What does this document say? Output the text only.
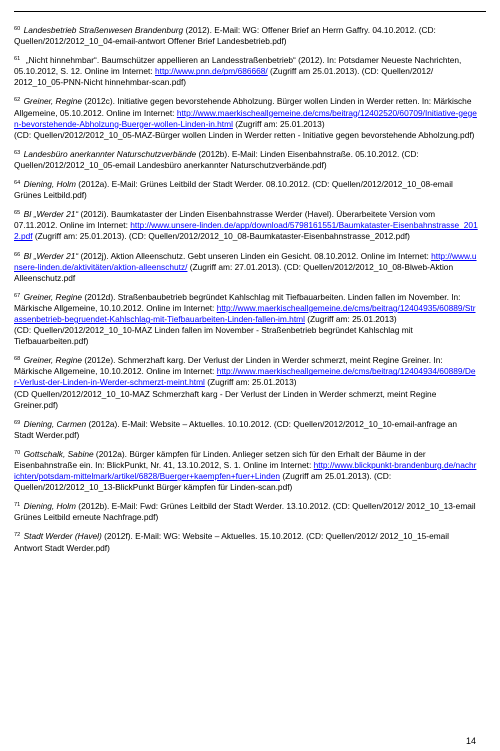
$^{60}$ Landesbetrieb Straßenwesen Brandenburg (2012). E-Mail: WG: Offener Brief an Herrn Gaffry. 04.10.2012. (CD: Quellen/2012/2012_10_04-email-antwort Offener Brief Landesbetrieb.pdf)

$^{61}$  „Nicht hinnehmbar“. Baumschützer appellieren an Landesstraßenbetrieb“ (2012). In: Potsdamer Neueste Nachrichten, 05.10.2012, S. 12. Online im Internet: http://www.pnn.de/pm/686668/ (Zugriff am 25.01.2013). (CD: Quellen/2012/ 2012_10_05-PNN-Nicht hinnehmbar-scan.pdf)

$^{62}$ Greiner, Regine (2012c). Initiative gegen bevorstehende Abholzung. Bürger wollen Linden in Werder retten. In: Märkische Allgemeine, 05.10.2012. Online im Internet: http://www.maerkischeallgemeine.de/cms/beitrag/12402520/60709/Initiative-gegen-bevorstehende-Abholzung-Buerger-wollen-Linden-in.html (Zugriff am: 25.01.2013)
(CD: Quellen/2012/2012_10_05-MAZ-Bürger wollen Linden in Werder retten - Initiative gegen bevorstehende Abholzung.pdf)

$^{63}$ Landesbüro anerkannter Naturschutzverbände (2012b). E-Mail: Linden Eisenbahnstraße. 05.10.2012. (CD: Quellen/2012/2012_10_05-email Landesbüro anerkannter Naturschutzverbände.pdf)

$^{64}$ Diening, Holm (2012a). E-Mail: Grünes Leitbild der Stadt Werder. 08.10.2012. (CD: Quellen/2012/2012_10_08-email Grünes Leitbild.pdf)

$^{65}$ BI „Werder 21“ (2012i). Baumkataster der Linden Eisenbahnstrasse Werder (Havel). Überarbeitete Version vom 07.11.2012. Online im Internet: http://www.unsere-linden.de/app/download/5798161551/Baumkataster-Eisenbahnstrasse_2012.pdf (Zugriff am: 25.01.2013). (CD: Quellen/2012/2012_10_08-Baumkataster-Eisenbahnstrasse_2012.pdf)

$^{66}$ BI „Werder 21“ (2012j). Aktion Alleenschutz. Gebt unseren Linden ein Gesicht. 08.10.2012. Online im Internet: http://www.unsere-linden.de/aktivitäten/aktion-alleenschutz/ (Zugriff am: 27.01.2013). (CD: Quellen/2012/2012_10_08-Blweb-Aktion Alleenschutz.pdf

$^{67}$ Greiner, Regine (2012d). Straßenbaubetrieb begründet Kahlschlag mit Tiefbauarbeiten. Linden fallen im November. In: Märkische Allgemeine, 10.10.2012. Online im Internet: http://www.maerkischeallgemeine.de/cms/beitrag/12404935/60889/Strassenbetrieb-begruendet-Kahlschlag-mit-Tiefbauarbeiten-Linden-fallen-im.html (Zugriff am: 25.01.2013)
(CD: Quellen/2012/2012_10_10-MAZ Linden fallen im November - Straßenbetrieb begründet Kahlschlag mit Tiefbauarbeiten.pdf)

$^{68}$ Greiner, Regine (2012e). Schmerzhaft karg. Der Verlust der Linden in Werder schmerzt, meint Regine Greiner. In: Märkische Allgemeine, 10.10.2012. Online im Internet: http://www.maerkischeallgemeine.de/cms/beitrag/12404934/60889/Der-Verlust-der-Linden-in-Werder-schmerzt-meint.html (Zugriff am: 25.01.2013)
(CD Quellen/2012/2012_10_10-MAZ Schmerzhaft karg - Der Verlust der Linden in Werder schmerzt, meint Regine Greiner.pdf)

$^{69}$ Diening, Carmen (2012a). E-Mail: Website – Aktuelles. 10.10.2012. (CD: Quellen/2012/2012_10_10-email-anfrage an Stadt Werder.pdf)

$^{70}$ Gottschalk, Sabine (2012a). Bürger kämpfen für Linden. Anlieger setzen sich für den Erhalt der Bäume in der Eisenbahnstraße ein. In: BlickPunkt, Nr. 41, 13.10.2012, S. 1. Online im Internet: http://www.blickpunkt-brandenburg.de/nachrichten/potsdam-mittelmark/artikel/6828/Buerger+kaempfen+fuer+Linden (Zugriff am 25.01.2013). (CD: Quellen/2012/2012_10_13-BlickPunkt Bürger kämpfen für Linden-scan.pdf)

$^{71}$ Diening, Holm (2012b). E-Mail: Fwd: Grünes Leitbild der Stadt Werder. 13.10.2012. (CD: Quellen/2012/ 2012_10_13-email Grünes Leitbild erneute Nachfrage.pdf)

$^{72}$ Stadt Werder (Havel) (2012f). E-Mail: WG: Website – Aktuelles. 15.10.2012. (CD: Quellen/2012/ 2012_10_15-email Antwort Stadt Werder.pdf)

14
